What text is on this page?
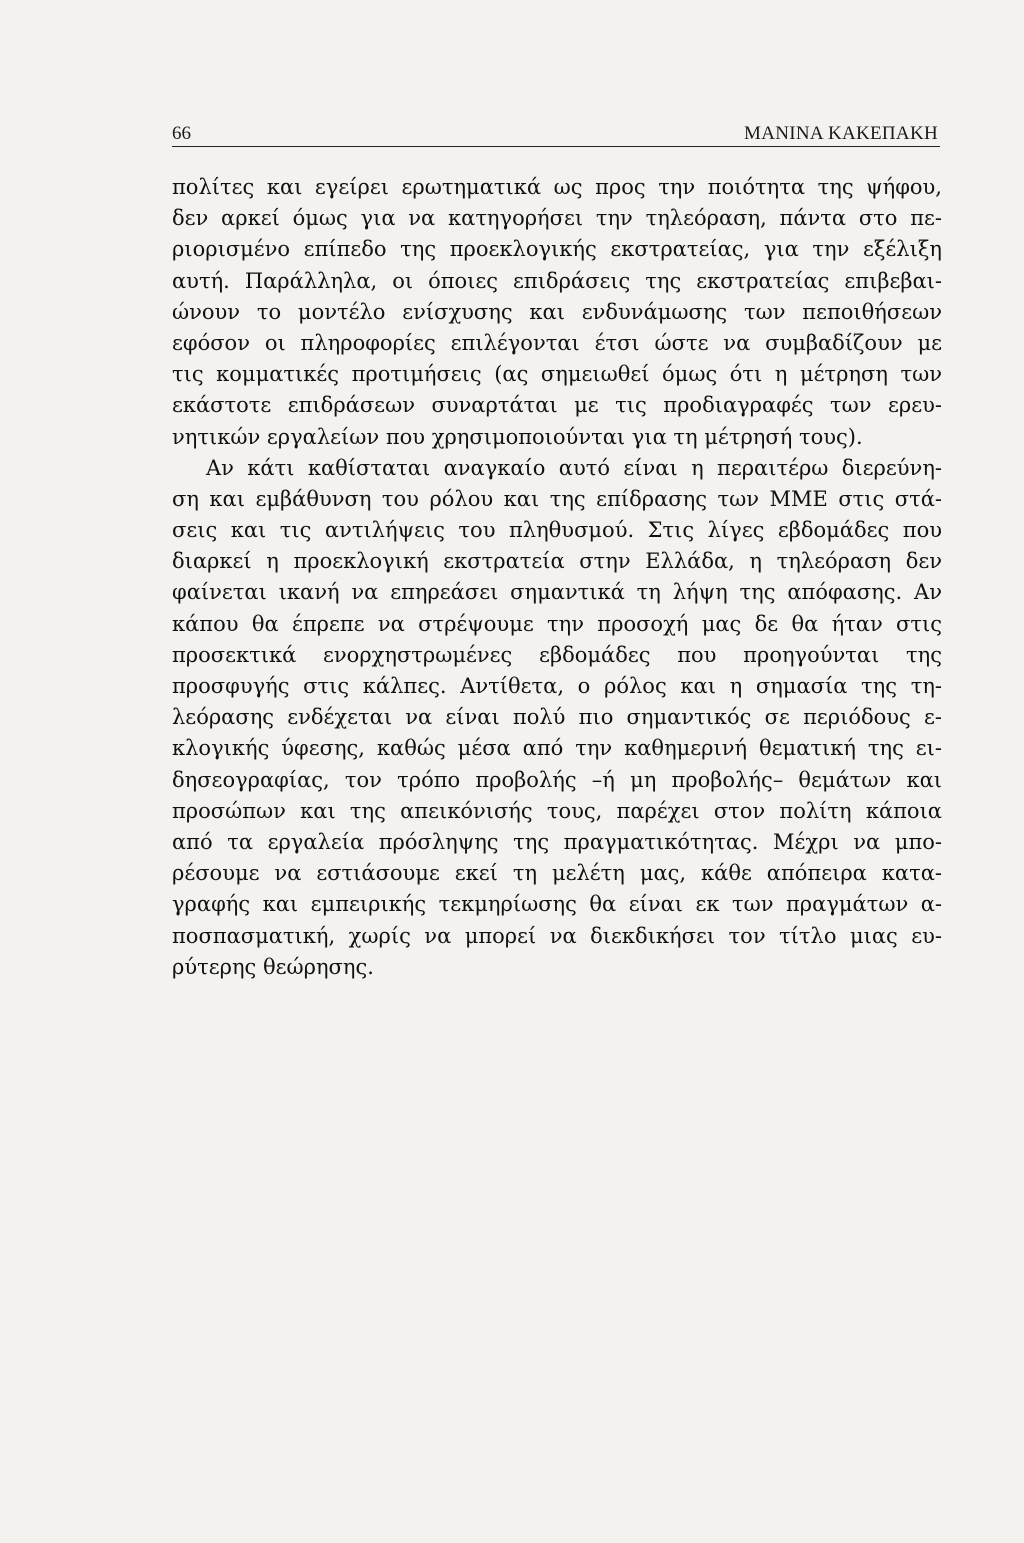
66	ΜΑΝΙΝΑ ΚΑΚΕΠΑΚΗ
πολίτες και εγείρει ερωτηματικά ως προς την ποιότητα της ψήφου,
δεν αρκεί όμως για να κατηγορήσει την τηλεόραση, πάντα στο πε-
ριορισμένο επίπεδο της προεκλογικής εκστρατείας, για την εξέλιξη
αυτή. Παράλληλα, οι όποιες επιδράσεις της εκστρατείας επιβεβαι-
ώνουν το μοντέλο ενίσχυσης και ενδυνάμωσης των πεποιθήσεων
εφόσον οι πληροφορίες επιλέγονται έτσι ώστε να συμβαδίζουν με
τις κομματικές προτιμήσεις (ας σημειωθεί όμως ότι η μέτρηση των
εκάστοτε επιδράσεων συναρτάται με τις προδιαγραφές των ερευ-
νητικών εργαλείων που χρησιμοποιούνται για τη μέτρησή τους).
Αν κάτι καθίσταται αναγκαίο αυτό είναι η περαιτέρω διερεύνη-
ση και εμβάθυνση του ρόλου και της επίδρασης των ΜΜΕ στις στά-
σεις και τις αντιλήψεις του πληθυσμού. Στις λίγες εβδομάδες που
διαρκεί η προεκλογική εκστρατεία στην Ελλάδα, η τηλεόραση δεν
φαίνεται ικανή να επηρεάσει σημαντικά τη λήψη της απόφασης. Αν
κάπου θα έπρεπε να στρέψουμε την προσοχή μας δε θα ήταν στις
προσεκτικά ενορχηστρωμένες εβδομάδες που προηγούνται της
προσφυγής στις κάλπες. Αντίθετα, ο ρόλος και η σημασία της τη-
λεόρασης ενδέχεται να είναι πολύ πιο σημαντικός σε περιόδους ε-
κλογικής ύφεσης, καθώς μέσα από την καθημερινή θεματική της ει-
δησεογραφίας, τον τρόπο προβολής –ή μη προβολής– θεμάτων και
προσώπων και της απεικόνισής τους, παρέχει στον πολίτη κάποια
από τα εργαλεία πρόσληψης της πραγματικότητας. Μέχρι να μπο-
ρέσουμε να εστιάσουμε εκεί τη μελέτη μας, κάθε απόπειρα κατα-
γραφής και εμπειρικής τεκμηρίωσης θα είναι εκ των πραγμάτων α-
ποσπασματική, χωρίς να μπορεί να διεκδικήσει τον τίτλο μιας ευ-
ρύτερης θεώρησης.
